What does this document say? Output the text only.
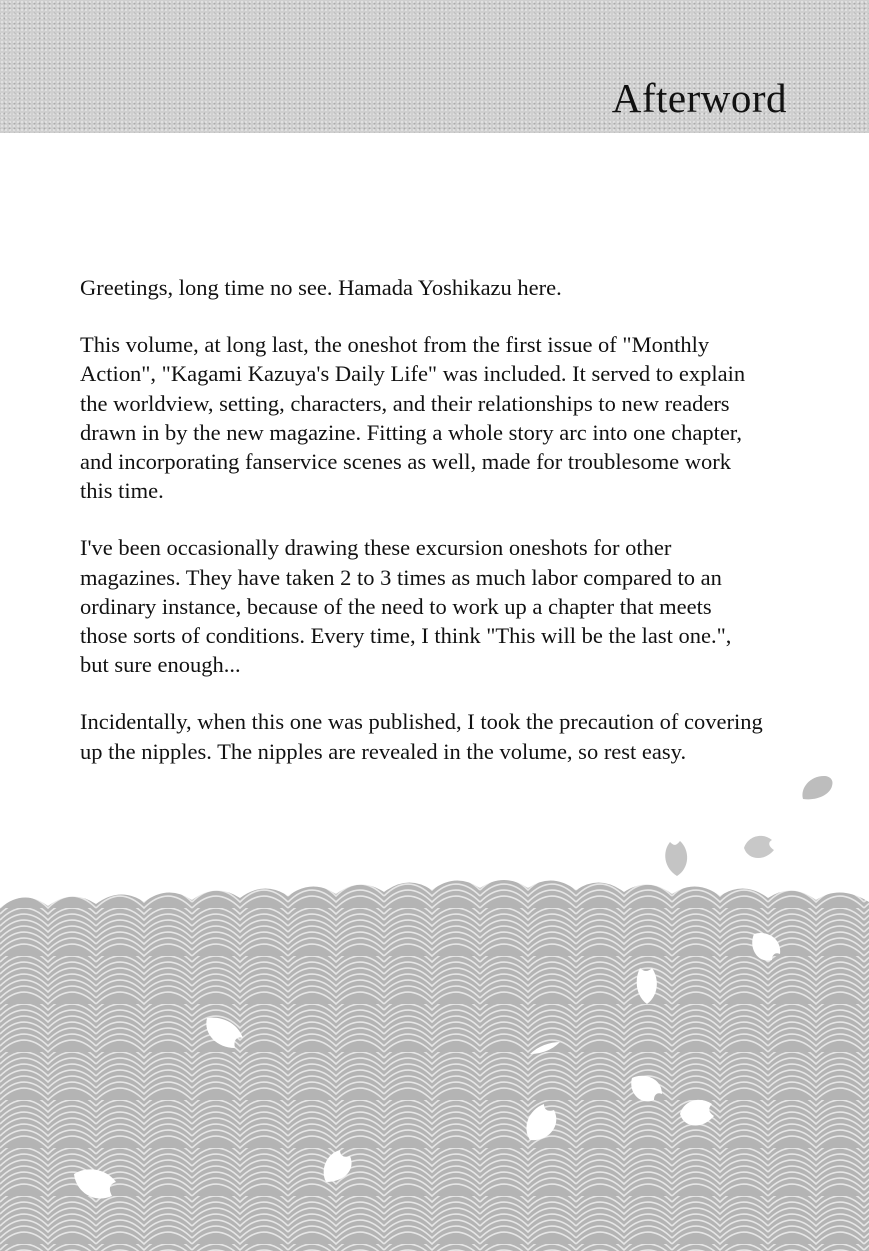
Afterword

Greetings, long time no see. Hamada Yoshikazu here.

This volume, at long last, the oneshot from the first issue of "Monthly
Action", "Kagami Kazuya's Daily Life" was included. It served to explain
the worldview, setting, characters, and their relationships to new readers
drawn in by the new magazine. Fitting a whole story arc into one chapter,
and incorporating fanservice scenes as well, made for troublesome work
this time.

I've been occasionally drawing these excursion oneshots for other
magazines. They have taken 2 to 3 times as much labor compared to an
ordinary instance, because of the need to work up a chapter that meets
those sorts of conditions. Every time, I think "This will be the last one.",
but sure enough...

Incidentally, when this one was published, I took the precaution of covering
up the nipples. The nipples are revealed in the volume, so rest easy.
